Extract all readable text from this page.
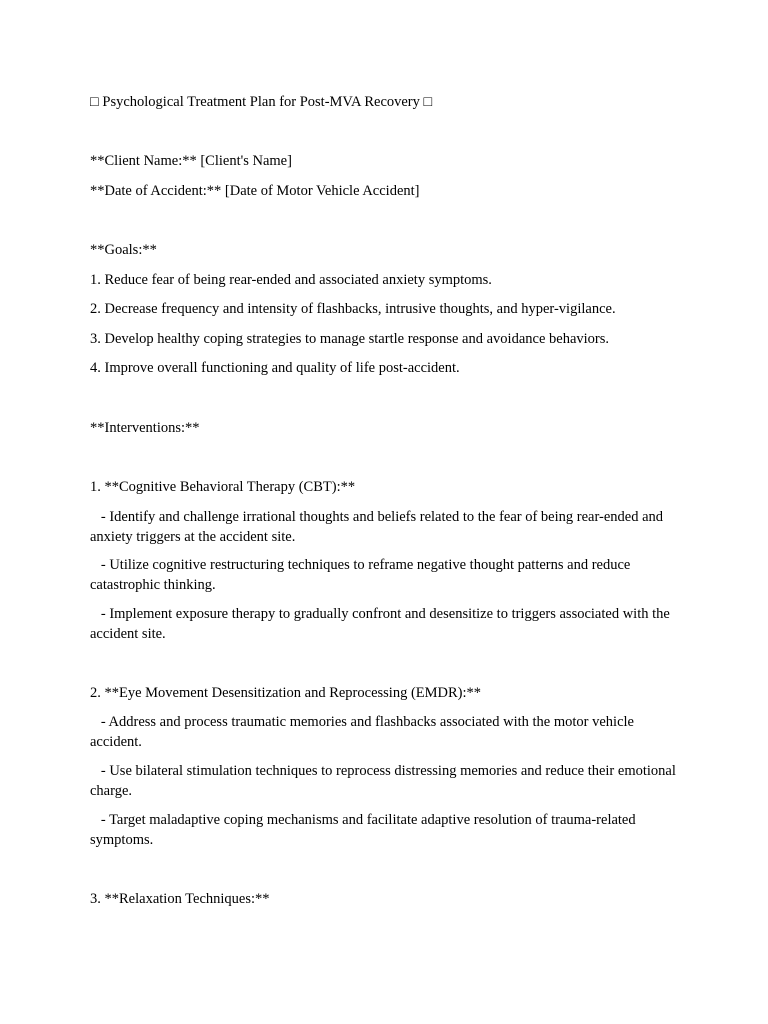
□ Psychological Treatment Plan for Post-MVA Recovery □
**Client Name:** [Client's Name]
**Date of Accident:** [Date of Motor Vehicle Accident]
**Goals:**
1. Reduce fear of being rear-ended and associated anxiety symptoms.
2. Decrease frequency and intensity of flashbacks, intrusive thoughts, and hyper-vigilance.
3. Develop healthy coping strategies to manage startle response and avoidance behaviors.
4. Improve overall functioning and quality of life post-accident.
**Interventions:**
1. **Cognitive Behavioral Therapy (CBT):**
- Identify and challenge irrational thoughts and beliefs related to the fear of being rear-ended and anxiety triggers at the accident site.
- Utilize cognitive restructuring techniques to reframe negative thought patterns and reduce catastrophic thinking.
- Implement exposure therapy to gradually confront and desensitize to triggers associated with the accident site.
2. **Eye Movement Desensitization and Reprocessing (EMDR):**
- Address and process traumatic memories and flashbacks associated with the motor vehicle accident.
- Use bilateral stimulation techniques to reprocess distressing memories and reduce their emotional charge.
- Target maladaptive coping mechanisms and facilitate adaptive resolution of trauma-related symptoms.
3. **Relaxation Techniques:**
